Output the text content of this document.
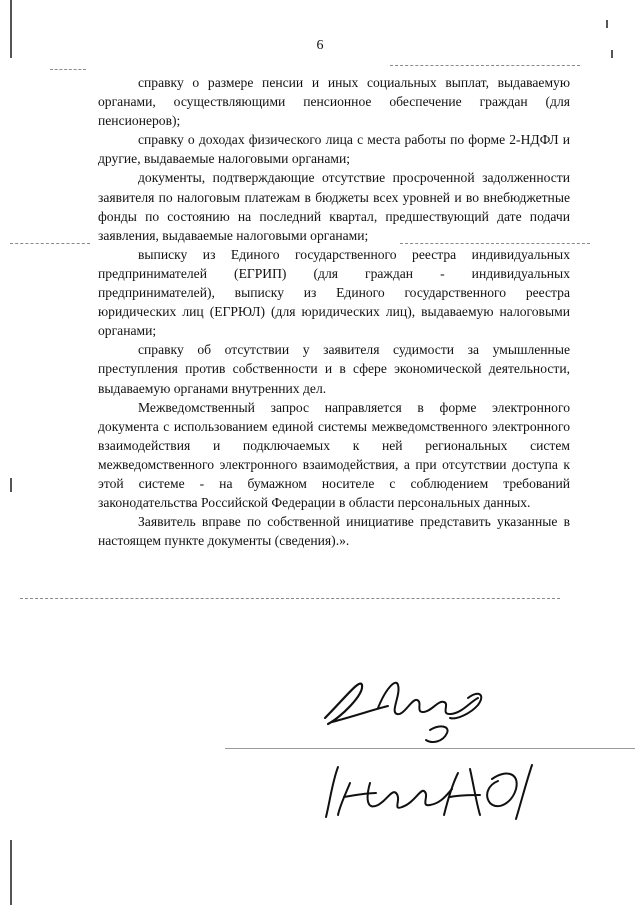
6

справку о размере пенсии и иных социальных выплат, выдаваемую органами, осуществляющими пенсионное обеспечение граждан (для пенсионеров);

справку о доходах физического лица с места работы по форме 2-НДФЛ и другие, выдаваемые налоговыми органами;

документы, подтверждающие отсутствие просроченной задолженности заявителя по налоговым платежам в бюджеты всех уровней и во внебюджетные фонды по состоянию на последний квартал, предшествующий дате подачи заявления, выдаваемые налоговыми органами;

выписку из Единого государственного реестра индивидуальных предпринимателей (ЕГРИП) (для граждан - индивидуальных предпринимателей), выписку из Единого государственного реестра юридических лиц (ЕГРЮЛ) (для юридических лиц), выдаваемую налоговыми органами;

справку об отсутствии у заявителя судимости за умышленные преступления против собственности и в сфере экономической деятельности, выдаваемую органами внутренних дел.

Межведомственный запрос направляется в форме электронного документа с использованием единой системы межведомственного электронного взаимодействия и подключаемых к ней региональных систем межведомственного электронного взаимодействия, а при отсутствии доступа к этой системе - на бумажном носителе с соблюдением требований законодательства Российской Федерации в области персональных данных.

Заявитель вправе по собственной инициативе представить указанные в настоящем пункте документы (сведения).».
